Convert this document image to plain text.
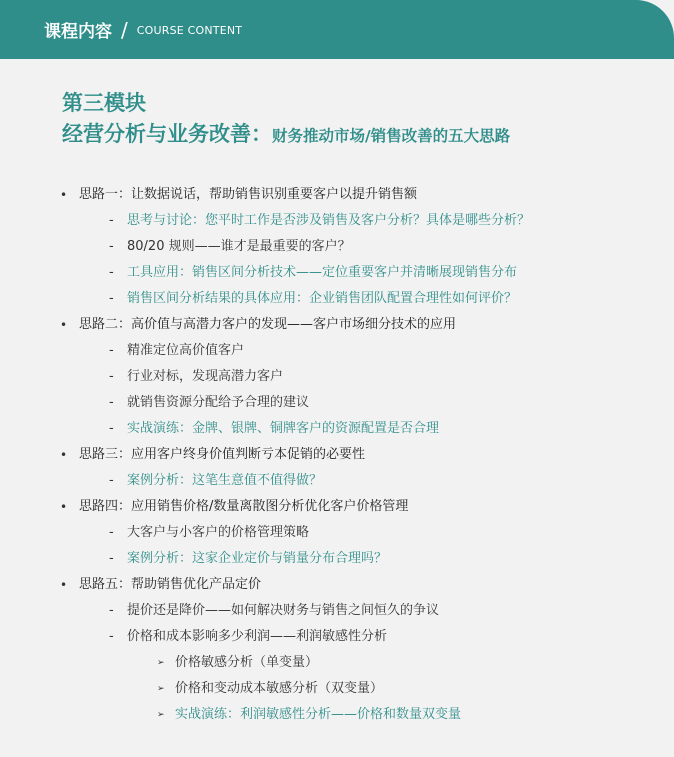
课程内容 / COURSE CONTENT
第三模块
经营分析与业务改善：财务推动市场/销售改善的五大思路
• 思路一：让数据说话，帮助销售识别重要客户以提升销售额
- 思考与讨论：您平时工作是否涉及销售及客户分析？具体是哪些分析？
- 80/20 规则——谁才是最重要的客户？
- 工具应用：销售区间分析技术——定位重要客户并清晰展现销售分布
- 销售区间分析结果的具体应用：企业销售团队配置合理性如何评价？
• 思路二：高价值与高潜力客户的发现——客户市场细分技术的应用
- 精准定位高价值客户
- 行业对标，发现高潜力客户
- 就销售资源分配给予合理的建议
- 实战演练：金牌、银牌、铜牌客户的资源配置是否合理
• 思路三：应用客户终身价值判断亏本促销的必要性
- 案例分析：这笔生意值不值得做？
• 思路四：应用销售价格/数量离散图分析优化客户价格管理
- 大客户与小客户的价格管理策略
- 案例分析：这家企业定价与销量分布合理吗？
• 思路五：帮助销售优化产品定价
- 提价还是降价——如何解决财务与销售之间恒久的争议
- 价格和成本影响多少利润——利润敏感性分析
➢ 价格敏感分析（单变量）
➢ 价格和变动成本敏感分析（双变量）
➢ 实战演练：利润敏感性分析——价格和数量双变量
